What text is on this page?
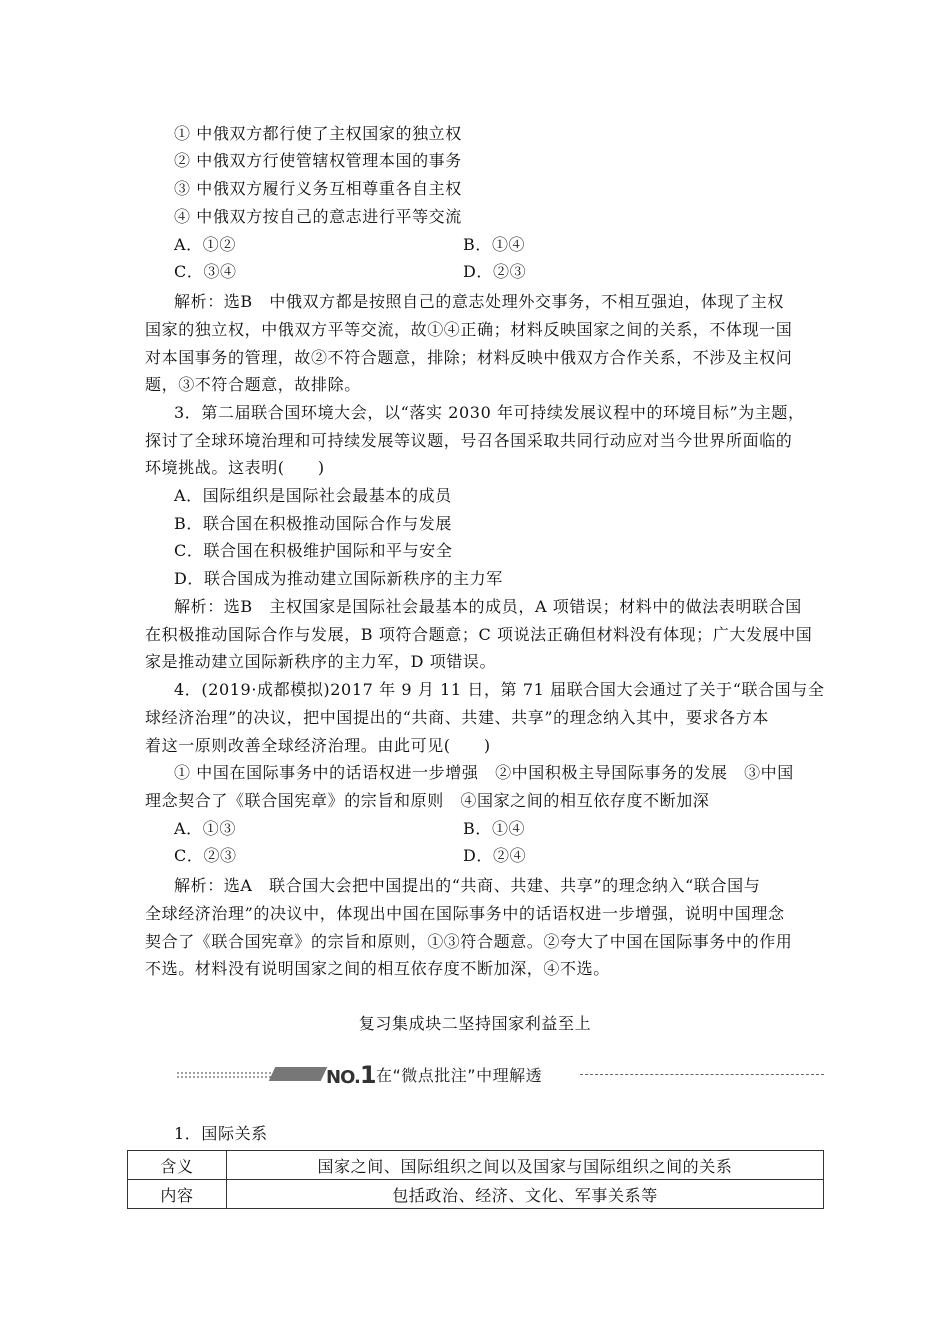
① 中俄双方都行使了主权国家的独立权
② 中俄双方行使管辖权管理本国的事务
③ 中俄双方履行义务互相尊重各自主权
④ 中俄双方按自己的意志进行平等交流
A．①②	B．①④
C．③④	D．②③
解析：选B　中俄双方都是按照自己的意志处理外交事务，不相互强迫，体现了主权
国家的独立权，中俄双方平等交流，故①④正确；材料反映国家之间的关系，不体现一国
对本国事务的管理，故②不符合题意，排除；材料反映中俄双方合作关系，不涉及主权问
题，③不符合题意，故排除。
3．第二届联合国环境大会，以“落实 2030 年可持续发展议程中的环境目标”为主题，
探讨了全球环境治理和可持续发展等议题，号召各国采取共同行动应对当今世界所面临的
环境挑战。这表明(　　)
A．国际组织是国际社会最基本的成员
B．联合国在积极推动国际合作与发展
C．联合国在积极维护国际和平与安全
D．联合国成为推动建立国际新秩序的主力军
解析：选B　主权国家是国际社会最基本的成员，A 项错误；材料中的做法表明联合国
在积极推动国际合作与发展，B 项符合题意；C 项说法正确但材料没有体现；广大发展中国
家是推动建立国际新秩序的主力军，D 项错误。
4．(2019·成都模拟)2017 年 9 月 11 日，第 71 届联合国大会通过了关于“联合国与全
球经济治理”的决议，把中国提出的“共商、共建、共享”的理念纳入其中，要求各方本
着这一原则改善全球经济治理。由此可见(　　)
① 中国在国际事务中的话语权进一步增强　②中国积极主导国际事务的发展　③中国
理念契合了《联合国宪章》的宗旨和原则　④国家之间的相互依存度不断加深
A．①③	B．①④
C．②③	D．②④
解析：选A　联合国大会把中国提出的“共商、共建、共享”的理念纳入“联合国与
全球经济治理”的决议中，体现出中国在国际事务中的话语权进一步增强，说明中国理念
契合了《联合国宪章》的宗旨和原则，①③符合题意。②夸大了中国在国际事务中的作用
不选。材料没有说明国家之间的相互依存度不断加深，④不选。
复习集成块二坚持国家利益至上
NO.1 在“微点批注”中理解透
1．国际关系
含义	国家之间、国际组织之间以及国家与国际组织之间的关系
内容	包括政治、经济、文化、军事关系等
